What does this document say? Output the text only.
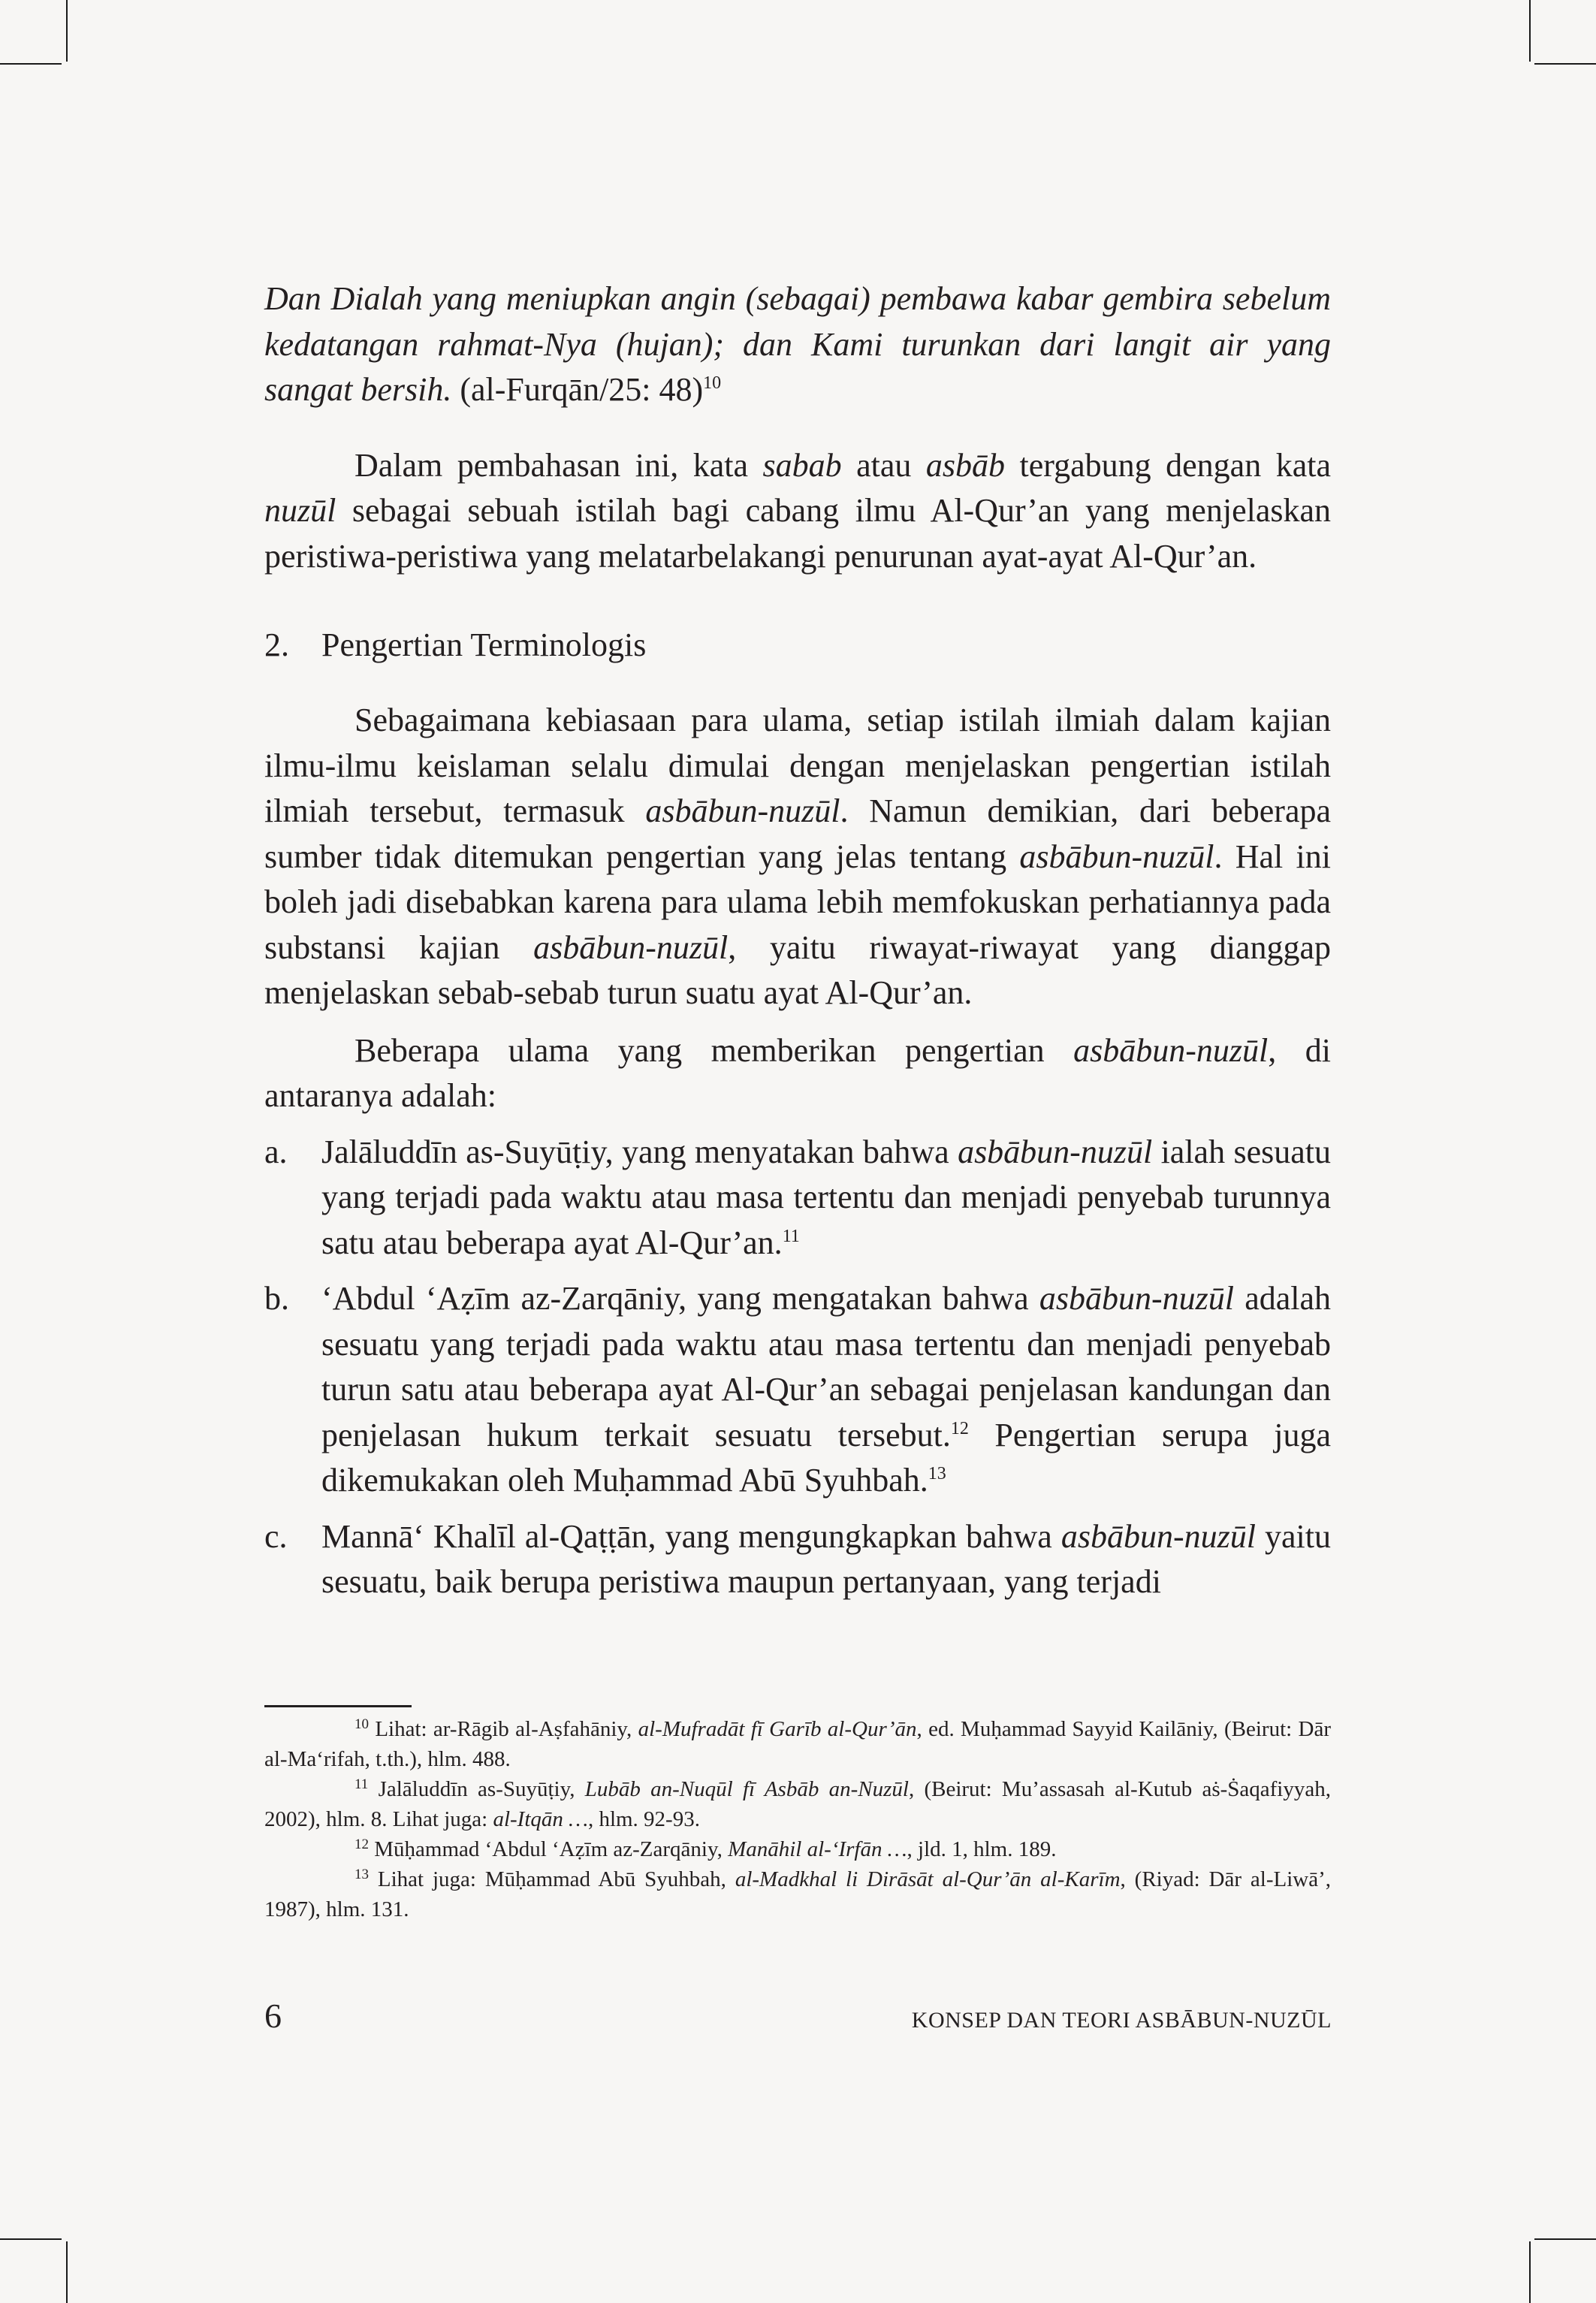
Dan Dialah yang meniupkan angin (sebagai) pembawa kabar gembira sebelum kedatangan rahmat-Nya (hujan); dan Kami turunkan dari langit air yang sangat bersih. (al-Furqān/25: 48)$^{10}$

Dalam pembahasan ini, kata sabab atau asbāb tergabung dengan kata nuzūl sebagai sebuah istilah bagi cabang ilmu Al-Qur’an yang menjelaskan peristiwa-peristiwa yang melatarbelakangi penurunan ayat-ayat Al-Qur’an.

2. Pengertian Terminologis

Sebagaimana kebiasaan para ulama, setiap istilah ilmiah dalam kajian ilmu-ilmu keislaman selalu dimulai dengan menjelaskan pengertian istilah ilmiah tersebut, termasuk asbābun-nuzūl. Namun demikian, dari beberapa sumber tidak ditemukan pengertian yang jelas tentang asbābun-nuzūl. Hal ini boleh jadi disebabkan karena para ulama lebih memfokuskan perhatiannya pada substansi kajian asbābun-nuzūl, yaitu riwayat-riwayat yang dianggap menjelaskan sebab-sebab turun suatu ayat Al-Qur’an.

Beberapa ulama yang memberikan pengertian asbābun-nuzūl, di antaranya adalah:

a.	Jalāluddīn as-Suyūṭiy, yang menyatakan bahwa asbābun-nuzūl ialah sesuatu yang terjadi pada waktu atau masa tertentu dan menjadi penyebab turunnya satu atau beberapa ayat Al-Qur’an.$^{11}$
b. ‘Abdul ‘Aẓīm az-Zarqāniy, yang mengatakan bahwa asbābun-nuzūl adalah sesuatu yang terjadi pada waktu atau masa tertentu dan menjadi penyebab turun satu atau beberapa ayat Al-Qur’an sebagai penjelasan kandungan dan penjelasan hukum terkait sesuatu tersebut.$^{12}$ Pengertian serupa juga dikemukakan oleh Muḥammad Abū Syuhbah.$^{13}$
c.	Mannā‘ Khalīl al-Qaṭṭān, yang mengungkapkan bahwa asbābun-nuzūl yaitu sesuatu, baik berupa peristiwa maupun pertanyaan, yang terjadi

$^{10}$ Lihat: ar-Rāgib al-Aṣfahāniy, al-Mufradāt fī Garīb al-Qur’ān, ed. Muḥammad Sayyid Kailāniy, (Beirut: Dār al-Ma‘rifah, t.th.), hlm. 488.

$^{11}$ Jalāluddīn as-Suyūṭiy, Lubāb an-Nuqūl fī Asbāb an-Nuzūl, (Beirut: Mu’assasah al-Kutub aṡ-Ṡaqafiyyah, 2002), hlm. 8. Lihat juga: al-Itqān …, hlm. 92-93.

$^{12}$ Mūḥammad ‘Abdul ‘Aẓīm az-Zarqāniy, Manāhil al-‘Irfān …, jld. 1, hlm. 189.

$^{13}$ Lihat juga: Mūḥammad Abū Syuhbah, al-Madkhal li Dirāsāt al-Qur’ān al-Karīm, (Riyad: Dār al-Liwā’, 1987), hlm. 131.

6	KONSEP DAN TEORI ASBĀBUN-NUZŪL
